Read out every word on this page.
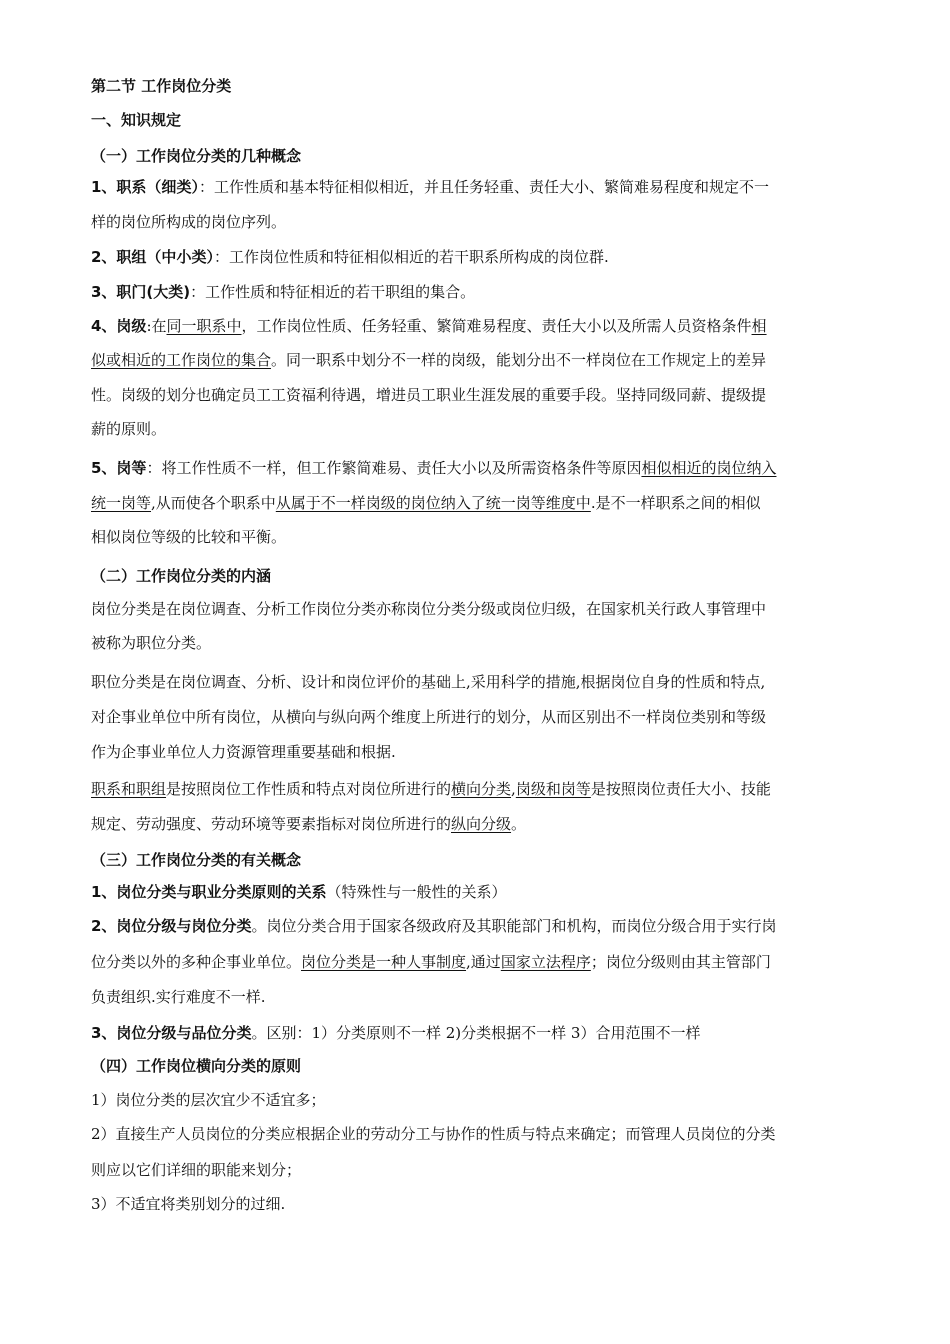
第二节 工作岗位分类
一、知识规定
（一）工作岗位分类的几种概念
1、职系（细类）：工作性质和基本特征相似相近，并且任务轻重、责任大小、繁简难易程度和规定不一
样的岗位所构成的岗位序列。
2、职组（中小类）：工作岗位性质和特征相似相近的若干职系所构成的岗位群.
3、职门(大类)：工作性质和特征相近的若干职组的集合。
4、岗级:在同一职系中，工作岗位性质、任务轻重、繁简难易程度、责任大小以及所需人员资格条件相
似或相近的工作岗位的集合。同一职系中划分不一样的岗级，能划分出不一样岗位在工作规定上的差异
性。岗级的划分也确定员工工资福利待遇，增进员工职业生涯发展的重要手段。坚持同级同薪、提级提
薪的原则。
5、岗等：将工作性质不一样，但工作繁简难易、责任大小以及所需资格条件等原因相似相近的岗位纳入
统一岗等,从而使各个职系中从属于不一样岗级的岗位纳入了统一岗等维度中.是不一样职系之间的相似
相似岗位等级的比较和平衡。
（二）工作岗位分类的内涵
岗位分类是在岗位调查、分析工作岗位分类亦称岗位分类分级或岗位归级，在国家机关行政人事管理中
被称为职位分类。
职位分类是在岗位调查、分析、设计和岗位评价的基础上,采用科学的措施,根据岗位自身的性质和特点,
对企事业单位中所有岗位，从横向与纵向两个维度上所进行的划分，从而区别出不一样岗位类别和等级
作为企事业单位人力资源管理重要基础和根据.
职系和职组是按照岗位工作性质和特点对岗位所进行的横向分类,岗级和岗等是按照岗位责任大小、技能
规定、劳动强度、劳动环境等要素指标对岗位所进行的纵向分级。
（三）工作岗位分类的有关概念
1、岗位分类与职业分类原则的关系（特殊性与一般性的关系）
2、岗位分级与岗位分类。岗位分类合用于国家各级政府及其职能部门和机构，而岗位分级合用于实行岗
位分类以外的多种企事业单位。岗位分类是一种人事制度,通过国家立法程序；岗位分级则由其主管部门
负责组织.实行难度不一样.
3、岗位分级与品位分类。区别：1）分类原则不一样 2)分类根据不一样 3）合用范围不一样
（四）工作岗位横向分类的原则
1）岗位分类的层次宜少不适宜多；
2）直接生产人员岗位的分类应根据企业的劳动分工与协作的性质与特点来确定；而管理人员岗位的分类
则应以它们详细的职能来划分；
3）不适宜将类别划分的过细.
